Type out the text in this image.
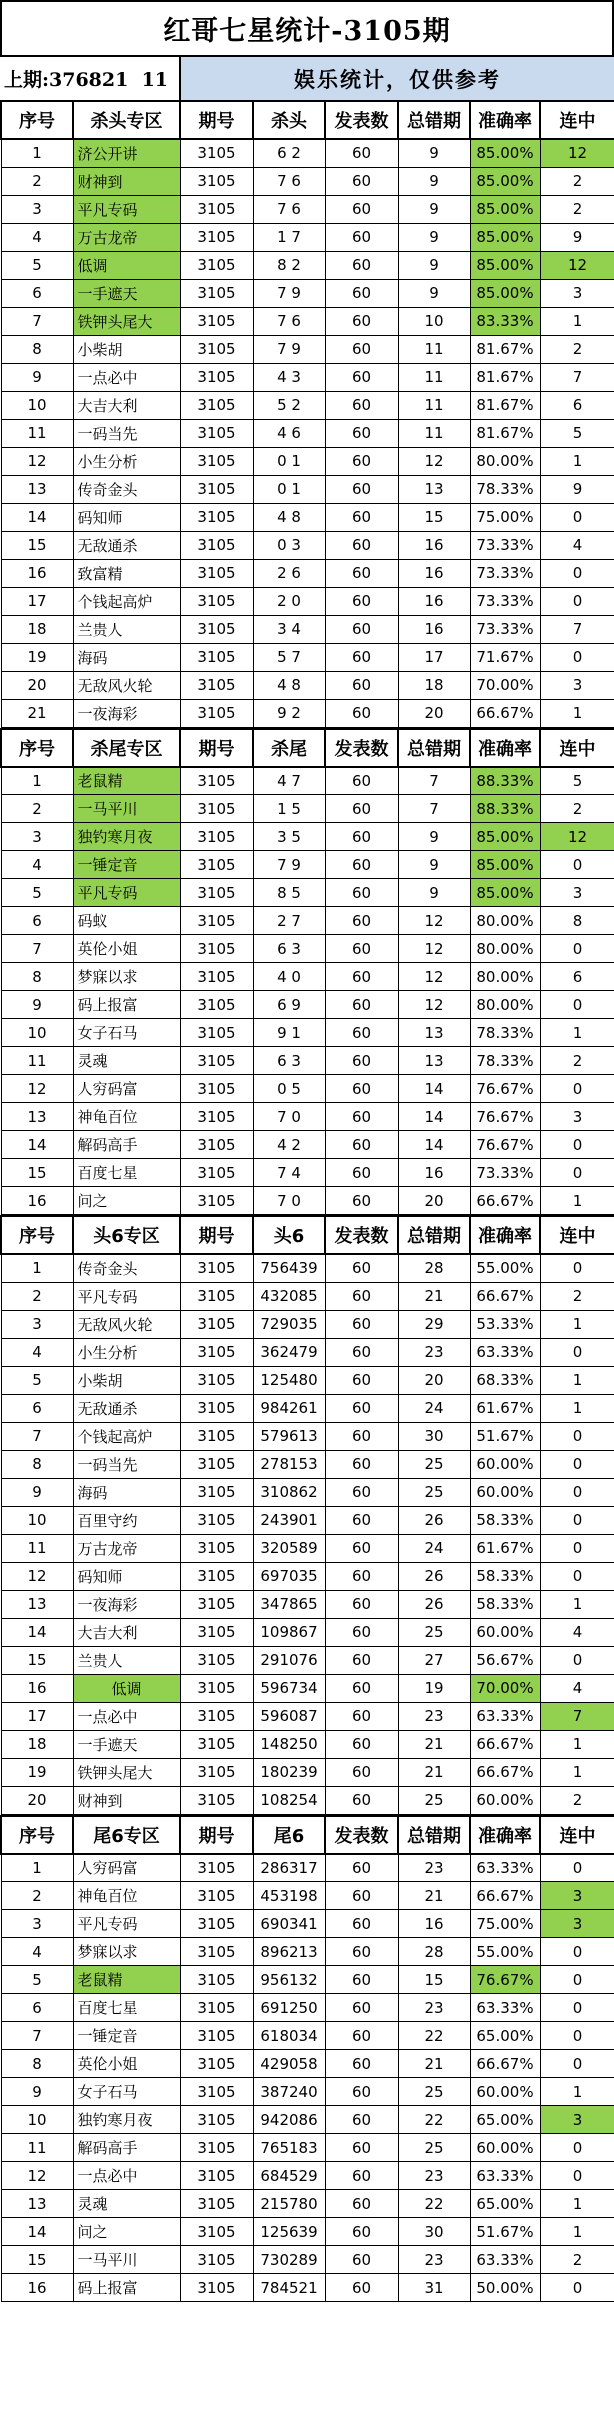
红哥七星统计-3105期
上期:376821  11	娱乐统计，仅供参考
序号	杀头专区	期号	杀头	发表数	总错期	准确率	连中
1	济公开讲	3105	6 2	60	9	85.00%	12
2	财神到	3105	7 6	60	9	85.00%	2
3	平凡专码	3105	7 6	60	9	85.00%	2
4	万古龙帝	3105	1 7	60	9	85.00%	9
5	低调	3105	8 2	60	9	85.00%	12
6	一手遮天	3105	7 9	60	9	85.00%	3
7	铁钾头尾大	3105	7 6	60	10	83.33%	1
8	小柴胡	3105	7 9	60	11	81.67%	2
9	一点必中	3105	4 3	60	11	81.67%	7
10	大吉大利	3105	5 2	60	11	81.67%	6
11	一码当先	3105	4 6	60	11	81.67%	5
12	小生分析	3105	0 1	60	12	80.00%	1
13	传奇金头	3105	0 1	60	13	78.33%	9
14	码知师	3105	4 8	60	15	75.00%	0
15	无敌通杀	3105	0 3	60	16	73.33%	4
16	致富精	3105	2 6	60	16	73.33%	0
17	个钱起高炉	3105	2 0	60	16	73.33%	0
18	兰贵人	3105	3 4	60	16	73.33%	7
19	海码	3105	5 7	60	17	71.67%	0
20	无敌风火轮	3105	4 8	60	18	70.00%	3
21	一夜海彩	3105	9 2	60	20	66.67%	1
序号	杀尾专区	期号	杀尾	发表数	总错期	准确率	连中
1	老鼠精	3105	4 7	60	7	88.33%	5
2	一马平川	3105	1 5	60	7	88.33%	2
3	独钓寒月夜	3105	3 5	60	9	85.00%	12
4	一锤定音	3105	7 9	60	9	85.00%	0
5	平凡专码	3105	8 5	60	9	85.00%	3
6	码蚁	3105	2 7	60	12	80.00%	8
7	英伦小姐	3105	6 3	60	12	80.00%	0
8	梦寐以求	3105	4 0	60	12	80.00%	6
9	码上报富	3105	6 9	60	12	80.00%	0
10	女子石马	3105	9 1	60	13	78.33%	1
11	灵魂	3105	6 3	60	13	78.33%	2
12	人穷码富	3105	0 5	60	14	76.67%	0
13	神龟百位	3105	7 0	60	14	76.67%	3
14	解码高手	3105	4 2	60	14	76.67%	0
15	百度七星	3105	7 4	60	16	73.33%	0
16	问之	3105	7 0	60	20	66.67%	1
序号	头6专区	期号	头6	发表数	总错期	准确率	连中
1	传奇金头	3105	756439	60	28	55.00%	0
2	平凡专码	3105	432085	60	21	66.67%	2
3	无敌风火轮	3105	729035	60	29	53.33%	1
4	小生分析	3105	362479	60	23	63.33%	0
5	小柴胡	3105	125480	60	20	68.33%	1
6	无敌通杀	3105	984261	60	24	61.67%	1
7	个钱起高炉	3105	579613	60	30	51.67%	0
8	一码当先	3105	278153	60	25	60.00%	0
9	海码	3105	310862	60	25	60.00%	0
10	百里守约	3105	243901	60	26	58.33%	0
11	万古龙帝	3105	320589	60	24	61.67%	0
12	码知师	3105	697035	60	26	58.33%	0
13	一夜海彩	3105	347865	60	26	58.33%	1
14	大吉大利	3105	109867	60	25	60.00%	4
15	兰贵人	3105	291076	60	27	56.67%	0
16	低调	3105	596734	60	19	70.00%	4
17	一点必中	3105	596087	60	23	63.33%	7
18	一手遮天	3105	148250	60	21	66.67%	1
19	铁钾头尾大	3105	180239	60	21	66.67%	1
20	财神到	3105	108254	60	25	60.00%	2
序号	尾6专区	期号	尾6	发表数	总错期	准确率	连中
1	人穷码富	3105	286317	60	23	63.33%	0
2	神龟百位	3105	453198	60	21	66.67%	3
3	平凡专码	3105	690341	60	16	75.00%	3
4	梦寐以求	3105	896213	60	28	55.00%	0
5	老鼠精	3105	956132	60	15	76.67%	0
6	百度七星	3105	691250	60	23	63.33%	0
7	一锤定音	3105	618034	60	22	65.00%	0
8	英伦小姐	3105	429058	60	21	66.67%	0
9	女子石马	3105	387240	60	25	60.00%	1
10	独钓寒月夜	3105	942086	60	22	65.00%	3
11	解码高手	3105	765183	60	25	60.00%	0
12	一点必中	3105	684529	60	23	63.33%	0
13	灵魂	3105	215780	60	22	65.00%	1
14	问之	3105	125639	60	30	51.67%	1
15	一马平川	3105	730289	60	23	63.33%	2
16	码上报富	3105	784521	60	31	50.00%	0
